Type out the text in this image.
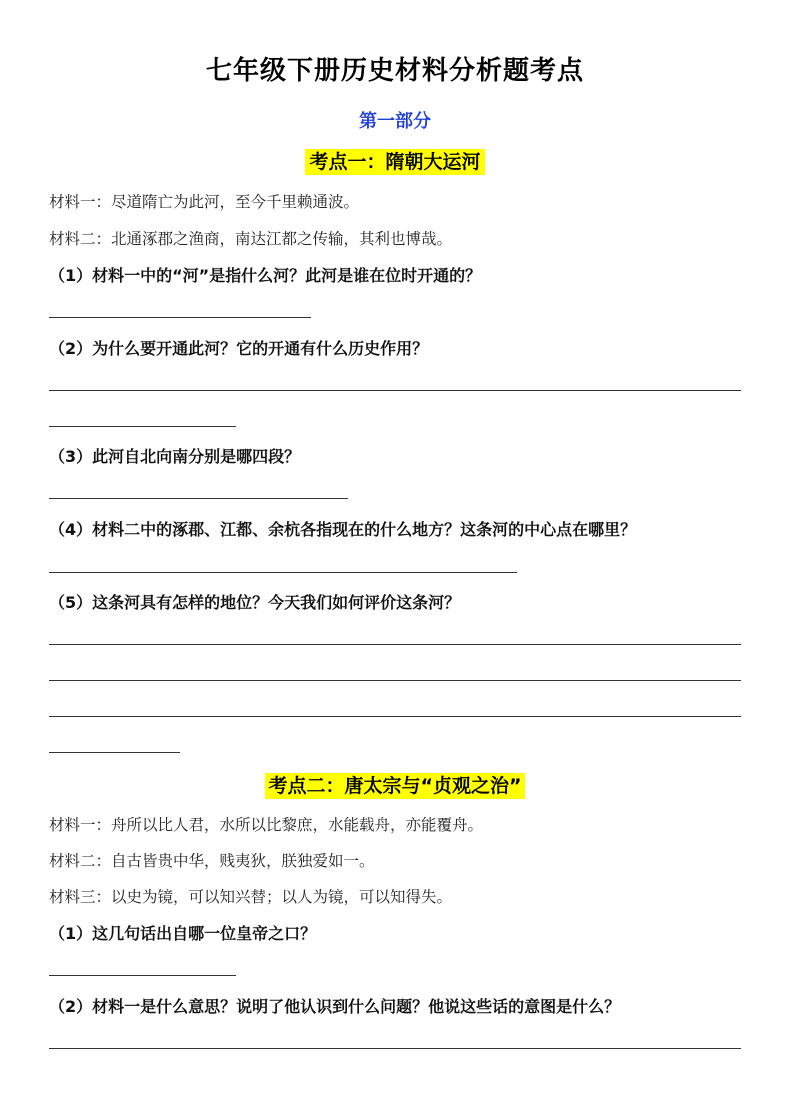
七年级下册历史材料分析题考点
第一部分
考点一：隋朝大运河
材料一：尽道隋亡为此河，至今千里赖通波。
材料二：北通涿郡之渔商，南达江都之传输，其利也博哉。
（1）材料一中的“河”是指什么河？此河是谁在位时开通的？
（2）为什么要开通此河？它的开通有什么历史作用？
（3）此河自北向南分别是哪四段？
（4）材料二中的涿郡、江都、余杭各指现在的什么地方？这条河的中心点在哪里？
（5）这条河具有怎样的地位？今天我们如何评价这条河？
考点二：唐太宗与“贞观之治”
材料一：舟所以比人君，水所以比黎庶，水能载舟，亦能覆舟。
材料二：自古皆贵中华，贱夷狄，朕独爱如一。
材料三：以史为镜，可以知兴替；以人为镜，可以知得失。
（1）这几句话出自哪一位皇帝之口？
（2）材料一是什么意思？说明了他认识到什么问题？他说这些话的意图是什么？
